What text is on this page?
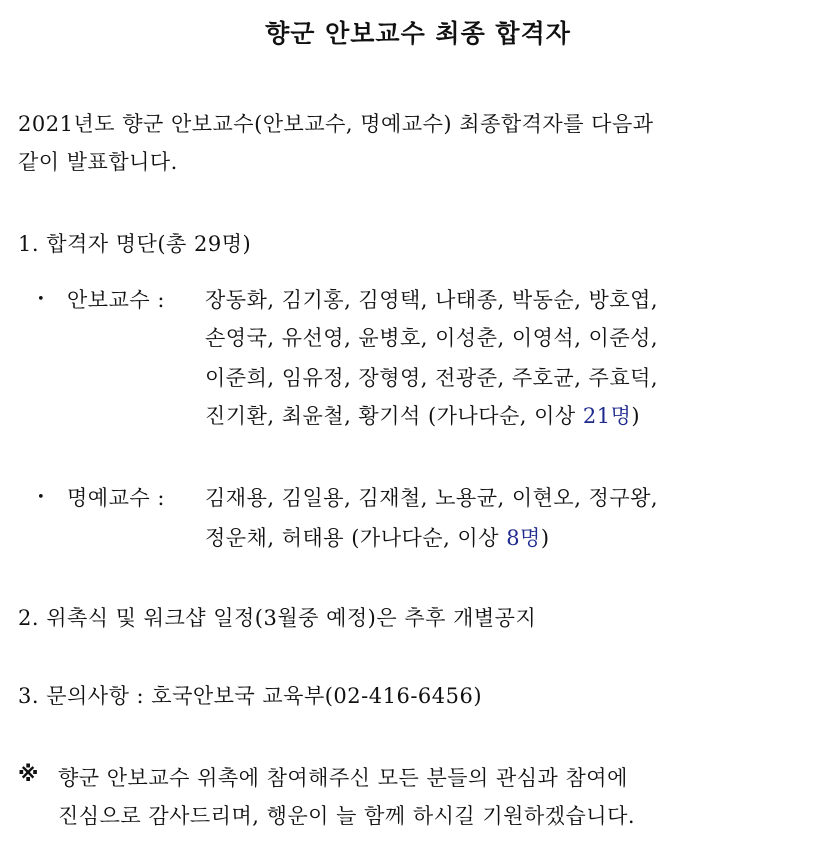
향군 안보교수 최종 합격자
2021년도 향군 안보교수(안보교수, 명예교수) 최종합격자를 다음과
같이 발표합니다.
1. 합격자 명단(총 29명)
• 안보교수 : 장동화, 김기홍, 김영택, 나태종, 박동순, 방호엽,
손영국, 유선영, 윤병호, 이성춘, 이영석, 이준성,
이준희, 임유정, 장형영, 전광준, 주호균, 주효덕,
진기환, 최윤철, 황기석 (가나다순, 이상 21명)
• 명예교수 : 김재용, 김일용, 김재철, 노용균, 이현오, 정구왕,
정운채, 허태용 (가나다순, 이상 8명)
2. 위촉식 및 워크샵 일정(3월중 예정)은 추후 개별공지
3. 문의사항 : 호국안보국 교육부(02-416-6456)
※ 향군 안보교수 위촉에 참여해주신 모든 분들의 관심과 참여에
진심으로 감사드리며, 행운이 늘 함께 하시길 기원하겠습니다.
